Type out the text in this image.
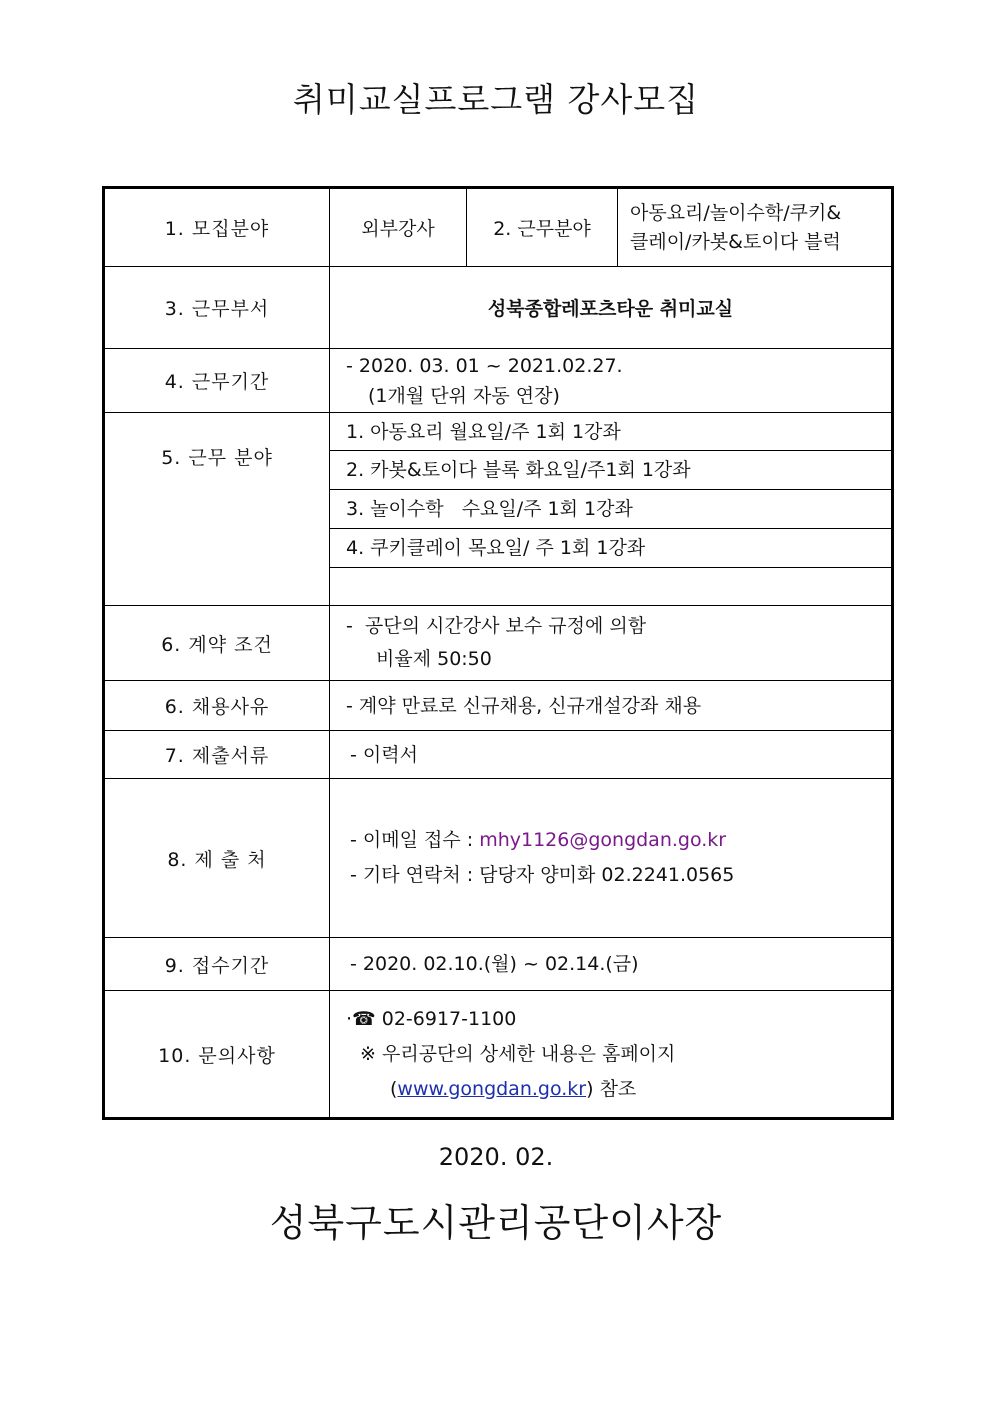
취미교실프로그램 강사모집
1. 모집분야	외부강사	2. 근무분야	아동요리/놀이수학/쿠키&
클레이/카봇&토이다 블럭

3. 근무부서	성북종합레포츠타운 취미교실		
4. 근무기간	- 2020. 03. 01 ~ 2021.02.27.
(1개월 단위 자동 연장)		

5. 근무 분야	1. 아동요리 월요일/주 1회 1강좌		
	2. 카봇&토이다 블록 화요일/주1회 1강좌		
	3. 놀이수학   수요일/주 1회 1강좌		
	4. 쿠키클레이 목요일/ 주 1회 1강좌		

6. 계약 조건	-  공단의 시간강사 보수 규정에 의함
비율제 50:50		

6. 채용사유	- 계약 만료로 신규채용, 신규개설강좌 채용		
7. 제출서류	- 이력서		
8. 제 출 처	- 이메일 접수 : mhy1126@gongdan.go.kr
- 기타 연락처 : 담당자 양미화 02.2241.0565		

9. 접수기간	- 2020. 02.10.(월) ~ 02.14.(금)		
10. 문의사항	·☎ 02-6917-1100
※ 우리공단의 상세한 내용은 홈페이지
(www.gongdan.go.kr) 참조		
2020. 02.
성북구도시관리공단이사장
